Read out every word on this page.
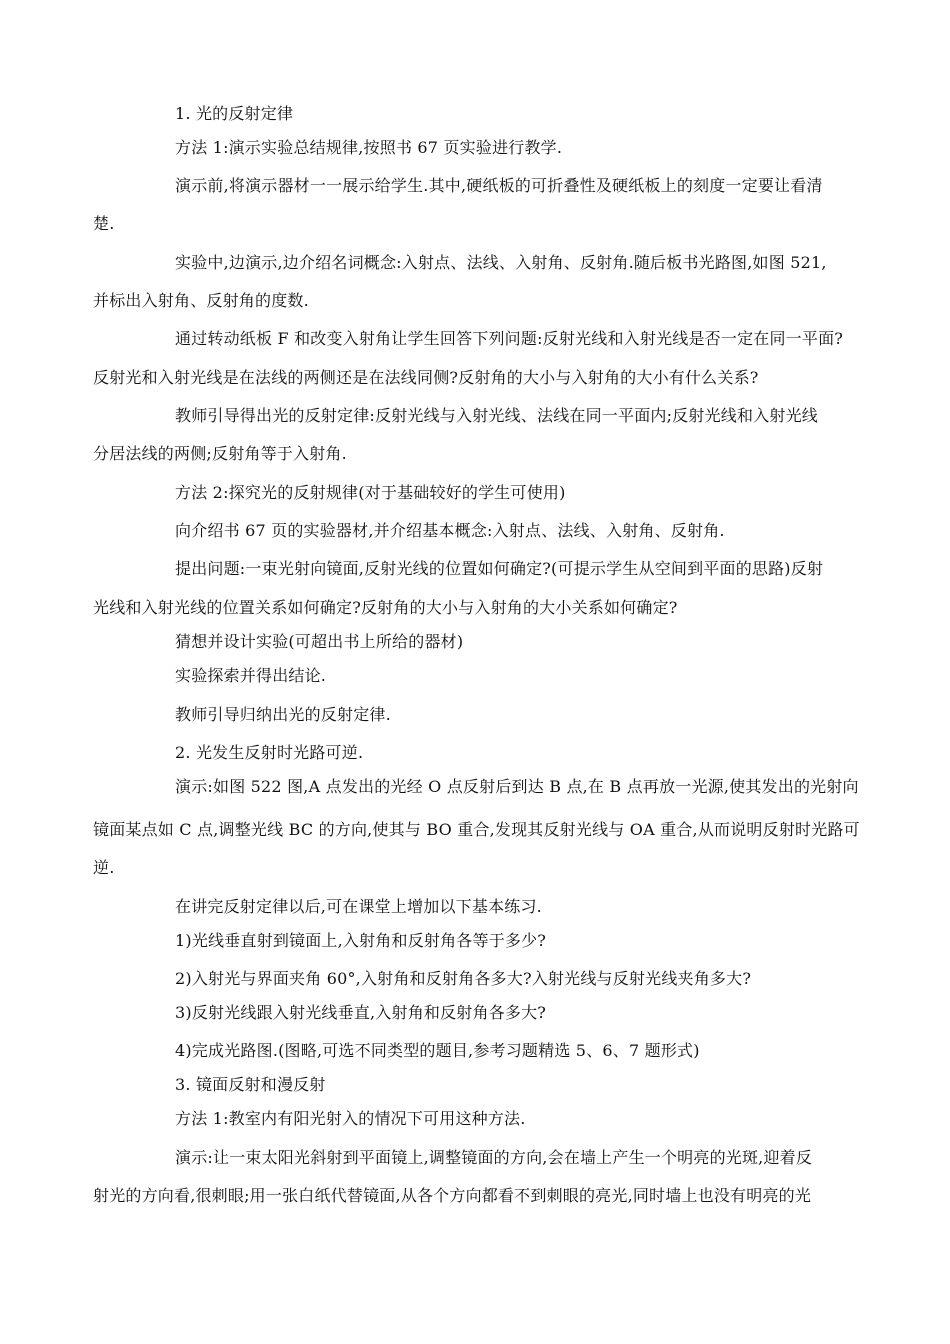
1. 光的反射定律
方法 1:演示实验总结规律,按照书 67 页实验进行教学.
演示前,将演示器材一一展示给学生.其中,硬纸板的可折叠性及硬纸板上的刻度一定要让看清
楚.
实验中,边演示,边介绍名词概念:入射点、法线、入射角、反射角.随后板书光路图,如图 521,
并标出入射角、反射角的度数.
通过转动纸板 F 和改变入射角让学生回答下列问题:反射光线和入射光线是否一定在同一平面?
反射光和入射光线是在法线的两侧还是在法线同侧?反射角的大小与入射角的大小有什么关系?
教师引导得出光的反射定律:反射光线与入射光线、法线在同一平面内;反射光线和入射光线
分居法线的两侧;反射角等于入射角.
方法 2:探究光的反射规律(对于基础较好的学生可使用)
向介绍书 67 页的实验器材,并介绍基本概念:入射点、法线、入射角、反射角.
提出问题:一束光射向镜面,反射光线的位置如何确定?(可提示学生从空间到平面的思路)反射
光线和入射光线的位置关系如何确定?反射角的大小与入射角的大小关系如何确定?
猜想并设计实验(可超出书上所给的器材)
实验探索并得出结论.
教师引导归纳出光的反射定律.
2. 光发生反射时光路可逆.
演示:如图 522 图,A 点发出的光经 O 点反射后到达 B 点,在 B 点再放一光源,使其发出的光射向
镜面某点如 C 点,调整光线 BC 的方向,使其与 BO 重合,发现其反射光线与 OA 重合,从而说明反射时光路可
逆.
在讲完反射定律以后,可在课堂上增加以下基本练习.
1)光线垂直射到镜面上,入射角和反射角各等于多少?
2)入射光与界面夹角 60°,入射角和反射角各多大?入射光线与反射光线夹角多大?
3)反射光线跟入射光线垂直,入射角和反射角各多大?
4)完成光路图.(图略,可选不同类型的题目,参考习题精选 5、6、7 题形式)
3. 镜面反射和漫反射
方法 1:教室内有阳光射入的情况下可用这种方法.
演示:让一束太阳光斜射到平面镜上,调整镜面的方向,会在墙上产生一个明亮的光斑,迎着反
射光的方向看,很刺眼;用一张白纸代替镜面,从各个方向都看不到刺眼的亮光,同时墙上也没有明亮的光
